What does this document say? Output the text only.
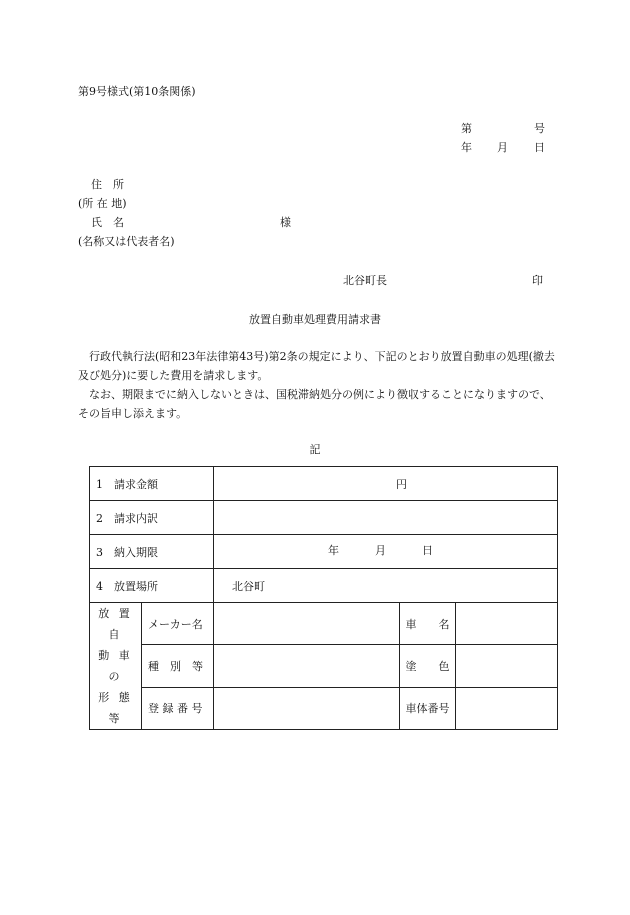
第9号様式(第10条関係)
第	号
年 月 日
住　所
(所 在 地)
氏　名	様
(名称又は代表者名)
北谷町長	印
放置自動車処理費用請求書

行政代執行法(昭和23年法律第43号)第2条の規定により、下記のとおり放置自動車の処理(撤去及び処分)に要した費用を請求します。

なお、期限までに納入しないときは、国税滞納処分の例により徴収することになりますので、その旨申し添えます。

記
1　請求金額		円		
2　請求内訳				
3　納入期限		年 月 日		

4　放置場所		北谷町		

放 置 自
動 車 の
形 態 等	メーカー名		車　　名	
	種　別　等		塗　　色	
	登 録 番 号		車体番号	
